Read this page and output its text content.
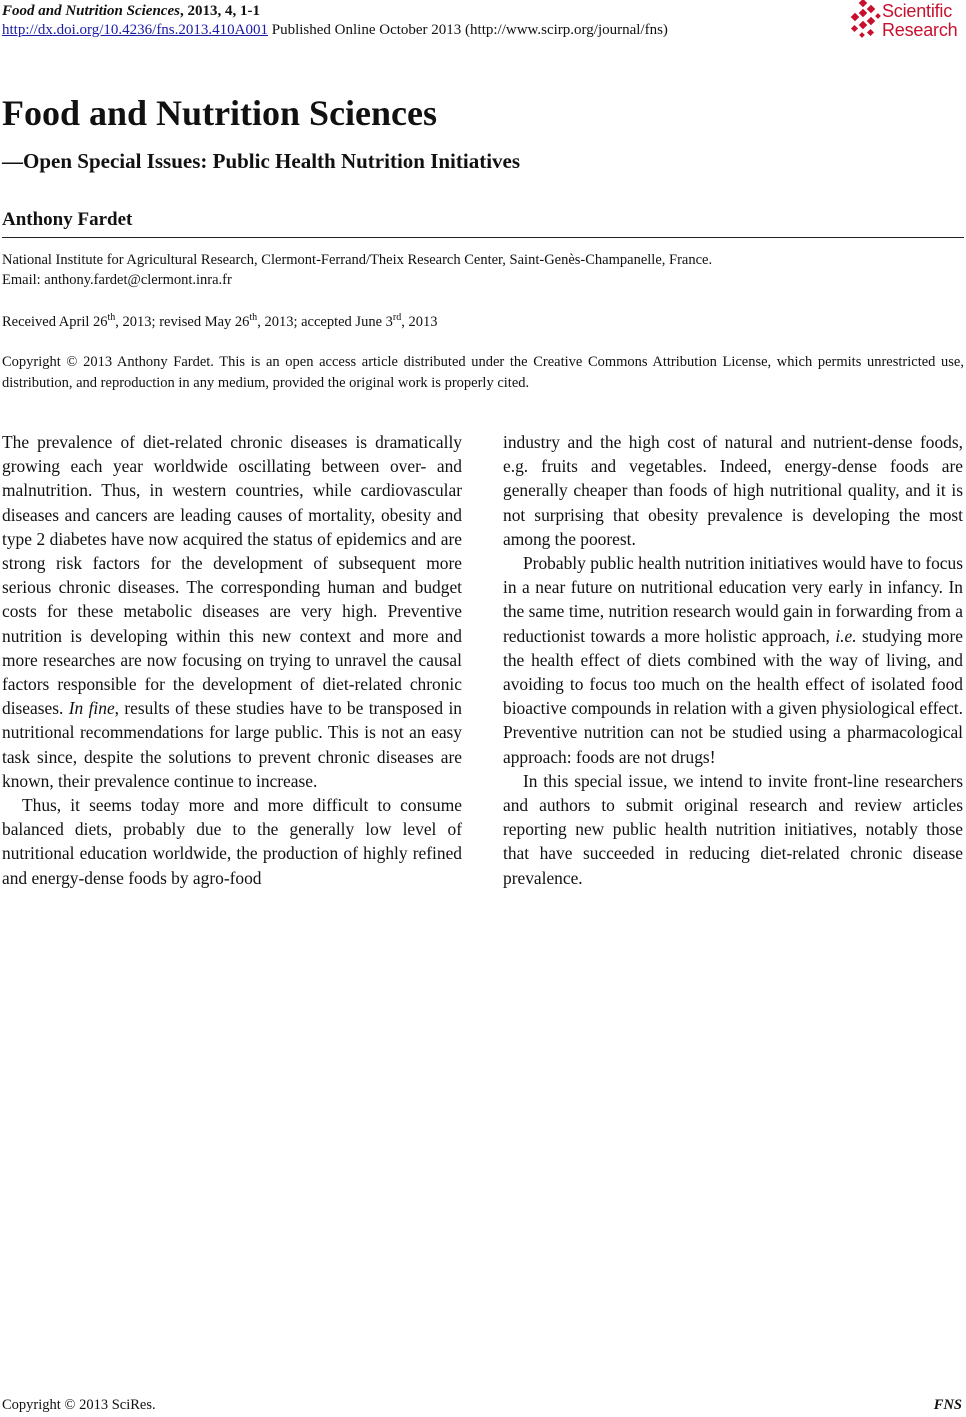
Food and Nutrition Sciences, 2013, 4, 1-1
http://dx.doi.org/10.4236/fns.2013.410A001 Published Online October 2013 (http://www.scirp.org/journal/fns)
Scientific
Research
Food and Nutrition Sciences
—Open Special Issues: Public Health Nutrition Initiatives
Anthony Fardet
National Institute for Agricultural Research, Clermont-Ferrand/Theix Research Center, Saint-Genès-Champanelle, France.
Email: anthony.fardet@clermont.inra.fr
Received April 26th, 2013; revised May 26th, 2013; accepted June 3rd, 2013
Copyright © 2013 Anthony Fardet. This is an open access article distributed under the Creative Commons Attribution License, which permits unrestricted use, distribution, and reproduction in any medium, provided the original work is properly cited.

The prevalence of diet-related chronic diseases is dramatically growing each year worldwide oscillating between over- and malnutrition. Thus, in western countries, while cardiovascular diseases and cancers are leading causes of mortality, obesity and type 2 diabetes have now acquired the status of epidemics and are strong risk factors for the development of subsequent more serious chronic diseases. The corresponding human and budget costs for these metabolic diseases are very high. Preventive nutrition is developing within this new context and more and more researches are now focusing on trying to unravel the causal factors responsible for the development of diet-related chronic diseases. In fine, results of these studies have to be transposed in nutritional recommendations for large public. This is not an easy task since, despite the solutions to prevent chronic diseases are known, their prevalence continue to increase.

Thus, it seems today more and more difficult to consume balanced diets, probably due to the generally low level of nutritional education worldwide, the production of highly refined and energy-dense foods by agro-food

industry and the high cost of natural and nutrient-dense foods, e.g. fruits and vegetables. Indeed, energy-dense foods are generally cheaper than foods of high nutritional quality, and it is not surprising that obesity prevalence is developing the most among the poorest.

Probably public health nutrition initiatives would have to focus in a near future on nutritional education very early in infancy. In the same time, nutrition research would gain in forwarding from a reductionist towards a more holistic approach, i.e. studying more the health effect of diets combined with the way of living, and avoiding to focus too much on the health effect of isolated food bioactive compounds in relation with a given physiological effect. Preventive nutrition can not be studied using a pharmacological approach: foods are not drugs!

In this special issue, we intend to invite front-line researchers and authors to submit original research and review articles reporting new public health nutrition initiatives, notably those that have succeeded in reducing diet-related chronic disease prevalence.

Copyright © 2013 SciRes.	FNS
